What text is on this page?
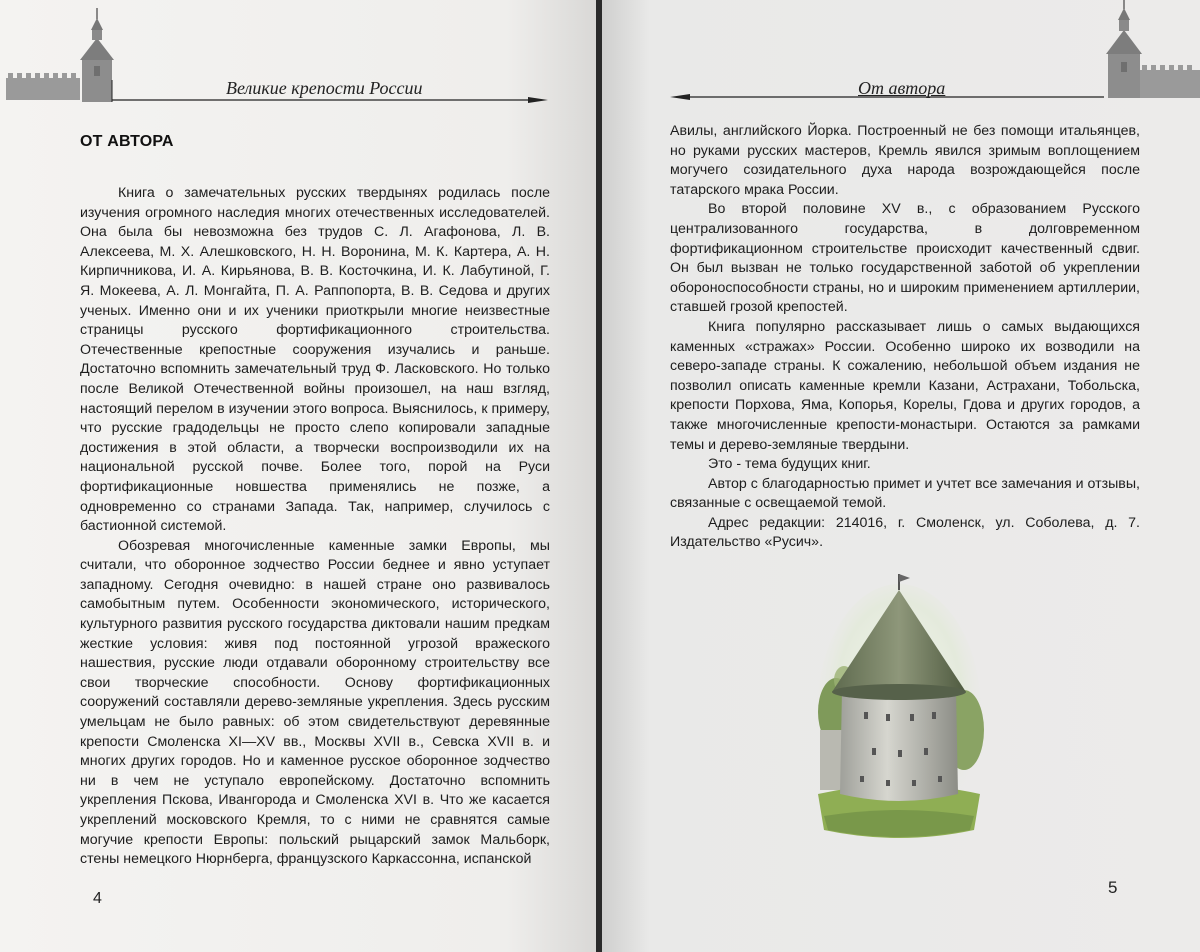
Великие крепости России
ОТ АВТОРА

Книга о замечательных русских твердынях родилась после изучения огромного наследия многих отечественных исследователей. Она была бы невозможна без трудов С. Л. Агафонова, Л. В. Алексеева, М. Х. Алешковского, Н. Н. Воронина, М. К. Картера, А. Н. Кирпичникова, И. А. Кирьянова, В. В. Косточкина, И. К. Лабутиной, Г. Я. Мокеева, А. Л. Монгайта, П. А. Раппопорта, В. В. Седова и других ученых. Именно они и их ученики приоткрыли многие неизвестные страницы русского фортификационного строительства. Отечественные крепостные сооружения изучались и раньше. Достаточно вспомнить замечательный труд Ф. Ласковского. Но только после Великой Отечественной войны произошел, на наш взгляд, настоящий перелом в изучении этого вопроса. Выяснилось, к примеру, что русские градодельцы не просто слепо копировали западные достижения в этой области, а творчески воспроизводили их на национальной русской почве. Более того, порой на Руси фортификационные новшества применялись не позже, а одновременно со странами Запада. Так, например, случилось с бастионной системой.

Обозревая многочисленные каменные замки Европы, мы считали, что оборонное зодчество России беднее и явно уступает западному. Сегодня очевидно: в нашей стране оно развивалось самобытным путем. Особенности экономического, исторического, культурного развития русского государства диктовали нашим предкам жесткие условия: живя под постоянной угрозой вражеского нашествия, русские люди отдавали оборонному строительству все свои творческие способности. Основу фортификационных сооружений составляли дерево-земляные укрепления. Здесь русским умельцам не было равных: об этом свидетельствуют деревянные крепости Смоленска XI—XV вв., Москвы XVII в., Севска XVII в. и многих других городов. Но и каменное русское оборонное зодчество ни в чем не уступало европейскому. Достаточно вспомнить укрепления Пскова, Ивангорода и Смоленска XVI в. Что же касается укреплений московского Кремля, то с ними не сравнятся самые могучие крепости Европы: польский рыцарский замок Мальборк, стены немецкого Нюрнберга, французского Каркассонна, испанской

4
От автора

Авилы, английского Йорка. Построенный не без помощи итальянцев, но руками русских мастеров, Кремль явился зримым воплощением могучего созидательного духа народа возрождающейся после татарского мрака России.

Во второй половине XV в., с образованием Русского централизованного государства, в долговременном фортификационном строительстве происходит качественный сдвиг. Он был вызван не только государственной заботой об укреплении обороноспособности страны, но и широким применением артиллерии, ставшей грозой крепостей.

Книга популярно рассказывает лишь о самых выдающихся каменных «стражах» России. Особенно широко их возводили на северо-западе страны. К сожалению, небольшой объем издания не позволил описать каменные кремли Казани, Астрахани, Тобольска, крепости Порхова, Яма, Копорья, Корелы, Гдова и других городов, а также многочисленные крепости-монастыри. Остаются за рамками темы и дерево-земляные твердыни.

Это - тема будущих книг.

Автор с благодарностью примет и учтет все замечания и отзывы, связанные с освещаемой темой.

Адрес редакции: 214016, г. Смоленск, ул. Соболева, д. 7. Издательство «Русич».

5
